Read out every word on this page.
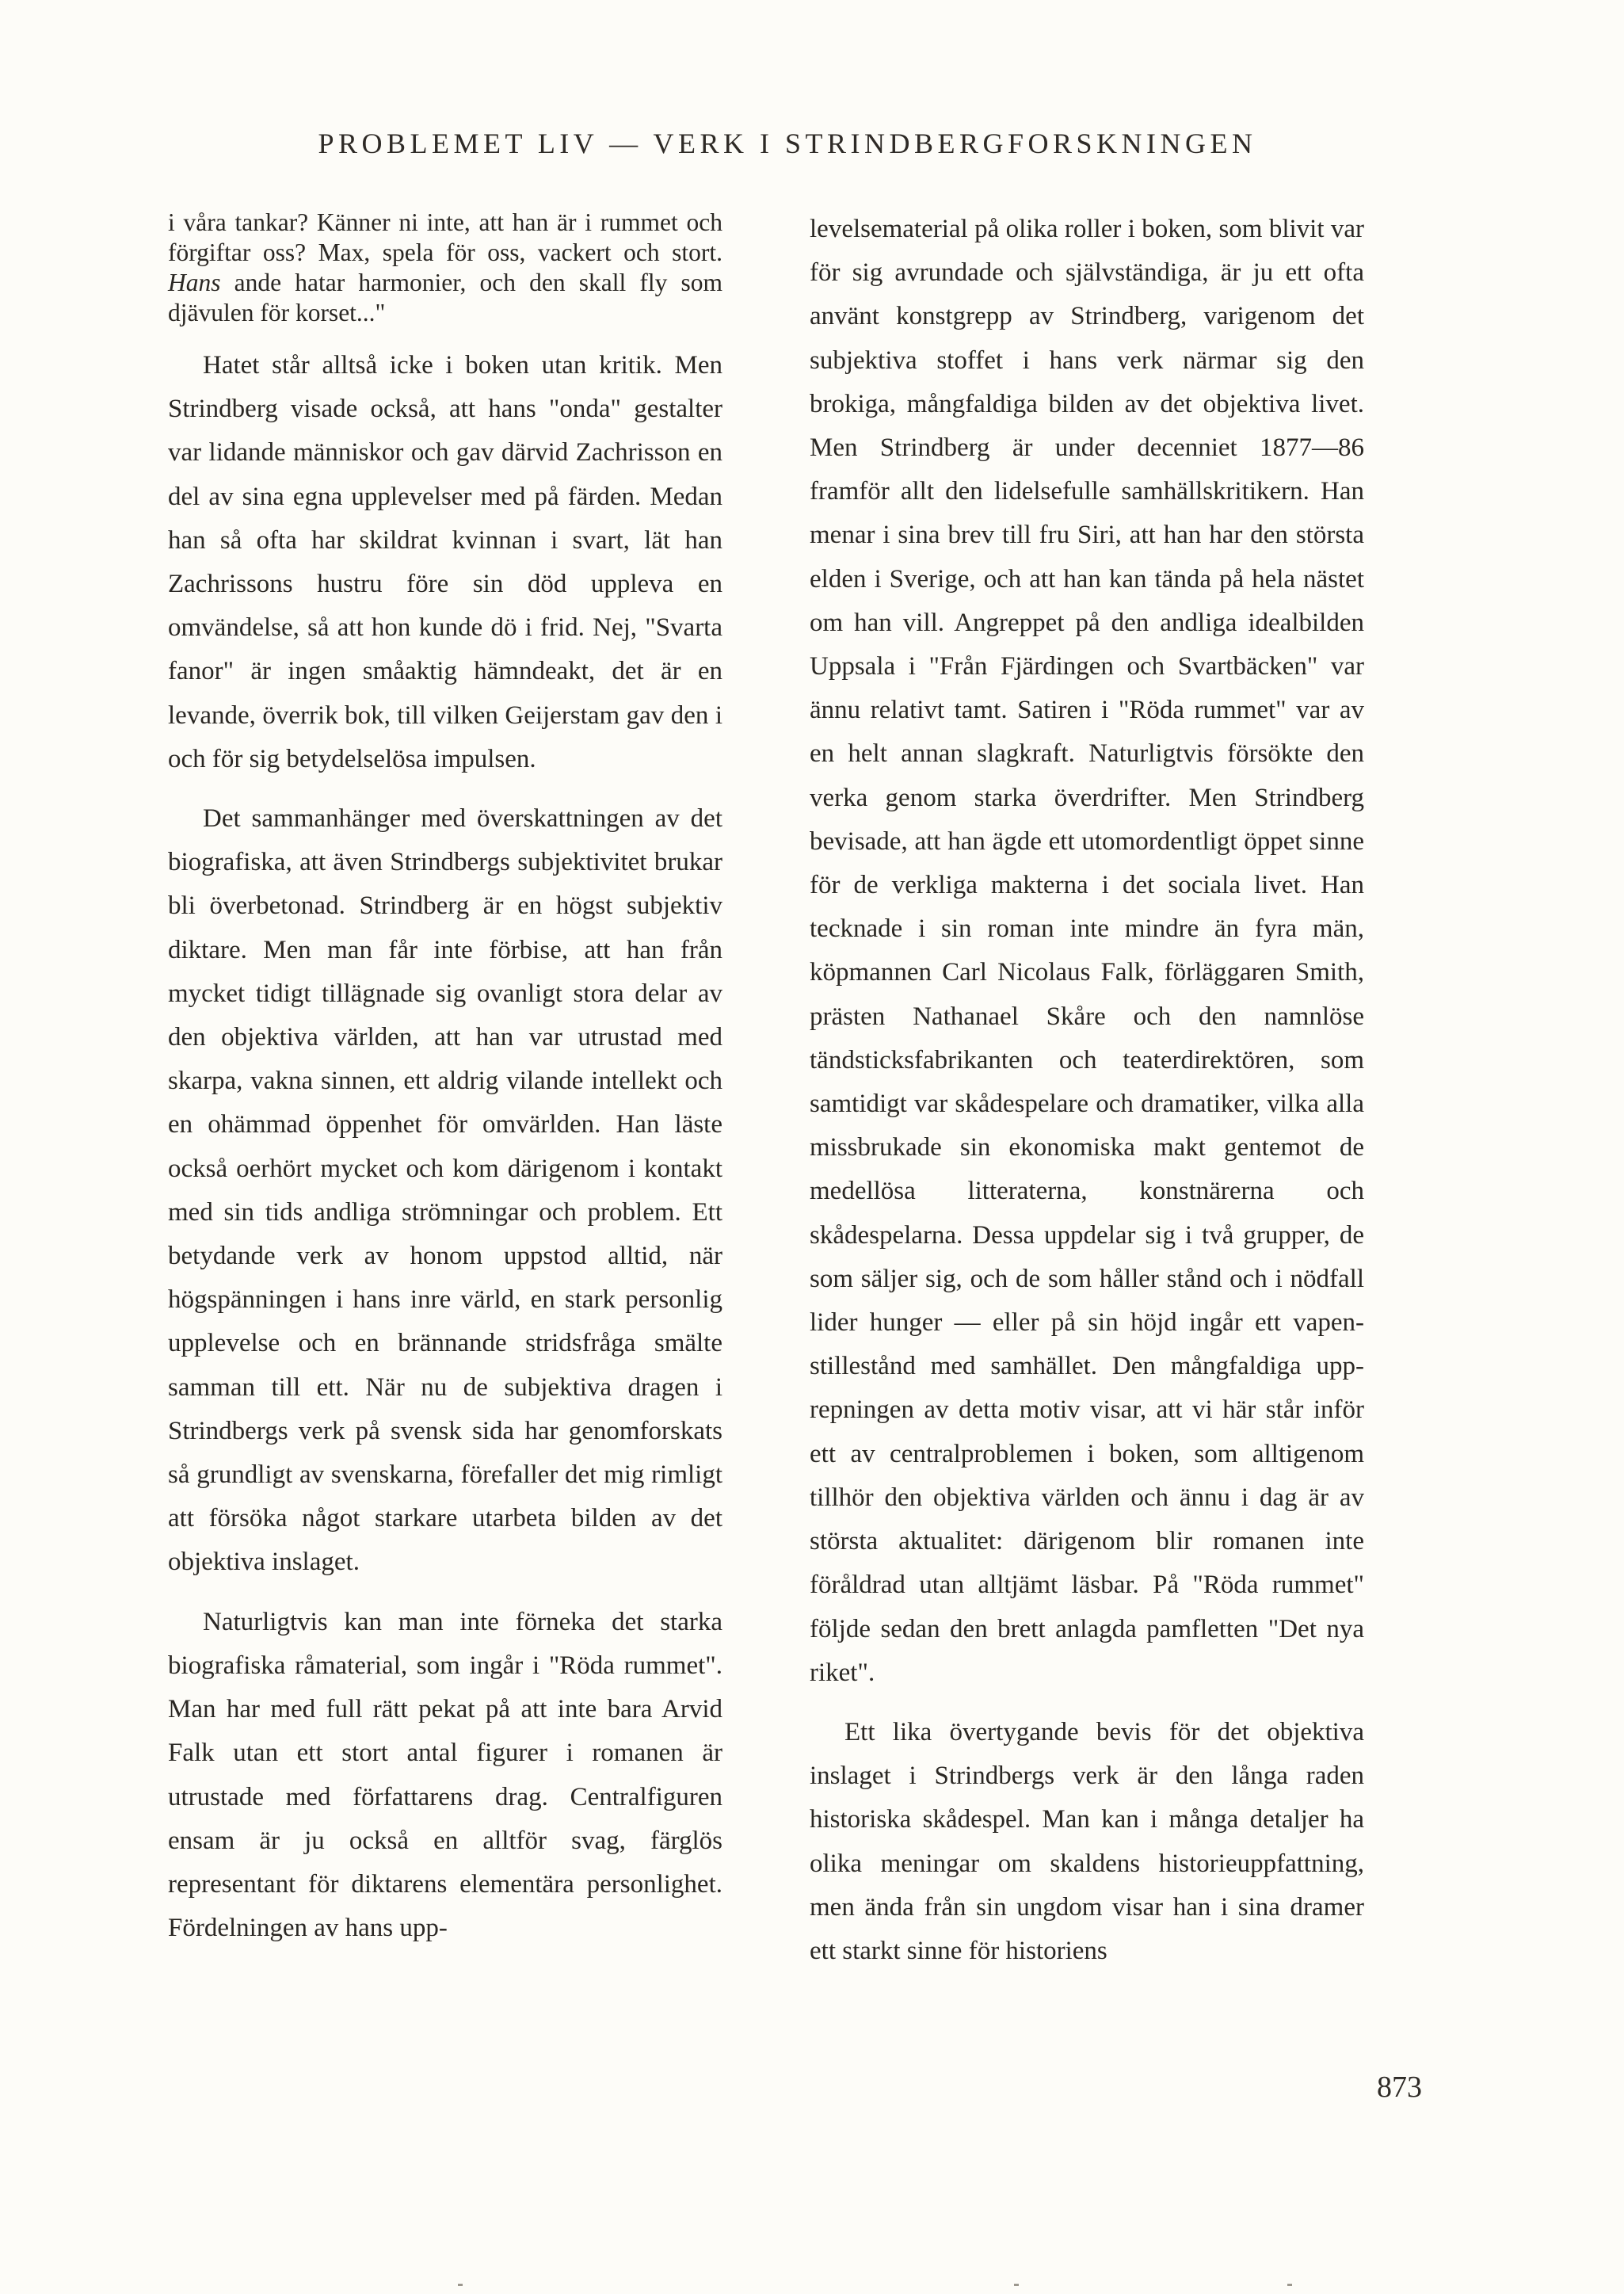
PROBLEMET LIV — VERK I STRINDBERGFORSKNINGEN

i våra tankar? Känner ni inte, att han är i rummet och förgiftar oss? Max, spela för oss, vackert och stort. Hans ande hatar harmonier, och den skall fly som djävulen för korset..."

Hatet står alltså icke i boken utan kritik. Men Strindberg visade också, att hans "onda" gestalter var lidande människor och gav därvid Zachrisson en del av sina egna upplevelser med på färden. Medan han så ofta har skildrat kvinnan i svart, lät han Zachrissons hustru före sin död uppleva en omvändelse, så att hon kunde dö i frid. Nej, "Svarta fanor" är ingen småaktig hämndeakt, det är en levande, överrik bok, till vilken Geijerstam gav den i och för sig betydelselösa impulsen.

Det sammanhänger med överskattningen av det biografiska, att även Strindbergs subjektivitet brukar bli överbetonad. Strindberg är en högst subjektiv diktare. Men man får inte förbise, att han från mycket tidigt tillägnade sig ovanligt stora delar av den objektiva världen, att han var utrustad med skarpa, vakna sinnen, ett aldrig vilande intellekt och en ohämmad öppenhet för omvärlden. Han läste också oerhört mycket och kom därigenom i kontakt med sin tids andliga strömningar och problem. Ett betydande verk av honom uppstod alltid, när högspänningen i hans inre värld, en stark personlig upplevelse och en brännande stridsfråga smälte samman till ett. När nu de subjektiva dragen i Strindbergs verk på svensk sida har genomforskats så grundligt av svenskarna, förefaller det mig rimligt att försöka något starkare utarbeta bilden av det objektiva inslaget.

Naturligtvis kan man inte förneka det starka biografiska råmaterial, som ingår i "Röda rummet". Man har med full rätt pekat på att inte bara Arvid Falk utan ett stort antal figurer i romanen är utrustade med författarens drag. Centralfiguren ensam är ju också en alltför svag, färglös representant för diktarens elementära personlighet. Fördelningen av hans upp-

levelsematerial på olika roller i boken, som blivit var för sig avrundade och självständiga, är ju ett ofta använt konstgrepp av Strindberg, varigenom det subjektiva stoffet i hans verk närmar sig den brokiga, mångfaldiga bilden av det objektiva livet. Men Strindberg är under decenniet 1877—86 framför allt den lidelsefulle samhällskritikern. Han menar i sina brev till fru Siri, att han har den största elden i Sverige, och att han kan tända på hela nästet om han vill. Angreppet på den andliga idealbilden Uppsala i "Från Fjärdingen och Svartbäcken" var ännu relativt tamt. Satiren i "Röda rummet" var av en helt annan slagkraft. Naturligtvis försökte den verka genom starka överdrifter. Men Strindberg bevisade, att han ägde ett utomordentligt öppet sinne för de verkliga makterna i det sociala livet. Han tecknade i sin roman inte mindre än fyra män, köpmannen Carl Nicolaus Falk, förläggaren Smith, prästen Nathanael Skåre och den namnlöse tändsticksfabrikanten och teaterdirektören, som samtidigt var skådespelare och dramatiker, vilka alla missbrukade sin ekonomiska makt gentemot de medellösa litteraterna, konstnärerna och skådespelarna. Dessa uppdelar sig i två grupper, de som säljer sig, och de som håller stånd och i nödfall lider hunger — eller på sin höjd ingår ett vapenstillestånd med samhället. Den mångfaldiga upprepningen av detta motiv visar, att vi här står inför ett av centralproblemen i boken, som alltigenom tillhör den objektiva världen och ännu i dag är av största aktualitet: därigenom blir romanen inte föråldrad utan alltjämt läsbar. På "Röda rummet" följde sedan den brett anlagda pamfletten "Det nya riket".

Ett lika övertygande bevis för det objektiva inslaget i Strindbergs verk är den långa raden historiska skådespel. Man kan i många detaljer ha olika meningar om skaldens historieuppfattning, men ända från sin ungdom visar han i sina dramer ett starkt sinne för historiens

873
